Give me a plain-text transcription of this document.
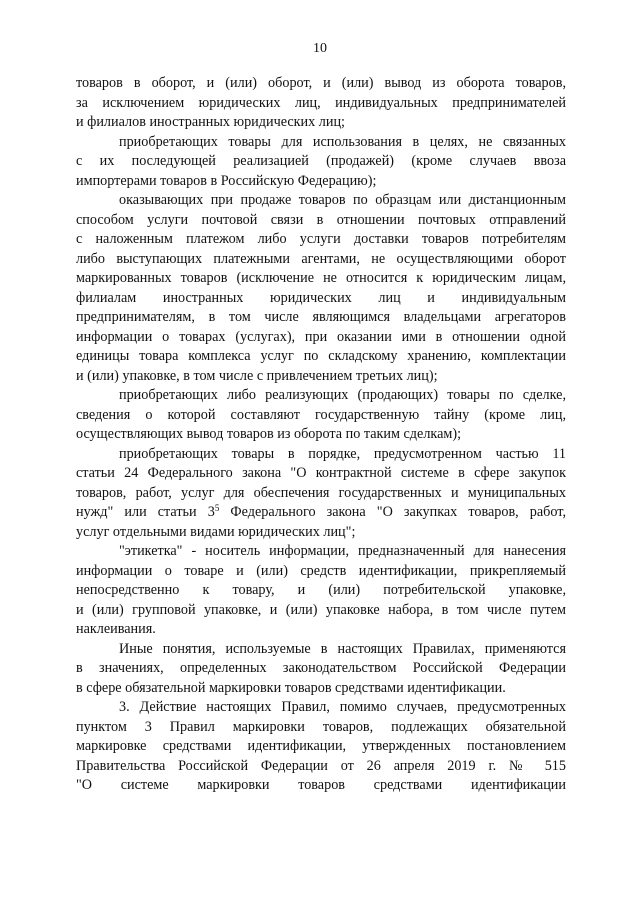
10
товаров в оборот, и (или) оборот, и (или) вывод из оборота товаров,
за исключением юридических лиц, индивидуальных предпринимателей
и филиалов иностранных юридических лиц;
приобретающих товары для использования в целях, не связанных
с их последующей реализацией (продажей) (кроме случаев ввоза
импортерами товаров в Российскую Федерацию);
оказывающих при продаже товаров по образцам или дистанционным
способом услуги почтовой связи в отношении почтовых отправлений
с наложенным платежом либо услуги доставки товаров потребителям
либо выступающих платежными агентами, не осуществляющими оборот
маркированных товаров (исключение не относится к юридическим лицам,
филиалам иностранных юридических лиц и индивидуальным
предпринимателям, в том числе являющимся владельцами агрегаторов
информации о товарах (услугах), при оказании ими в отношении одной
единицы товара комплекса услуг по складскому хранению, комплектации
и (или) упаковке, в том числе с привлечением третьих лиц);
приобретающих либо реализующих (продающих) товары по сделке,
сведения о которой составляют государственную тайну (кроме лиц,
осуществляющих вывод товаров из оборота по таким сделкам);
приобретающих товары в порядке, предусмотренном частью 11
статьи 24 Федерального закона "О контрактной системе в сфере закупок
товаров, работ, услуг для обеспечения государственных и муниципальных
нужд" или статьи $3^5$ Федерального закона "О закупках товаров, работ,
услуг отдельными видами юридических лиц";
"этикетка" - носитель информации, предназначенный для нанесения
информации о товаре и (или) средств идентификации, прикрепляемый
непосредственно к товару, и (или) потребительской упаковке,
и (или) групповой упаковке, и (или) упаковке набора, в том числе путем
наклеивания.
Иные понятия, используемые в настоящих Правилах, применяются
в значениях, определенных законодательством Российской Федерации
в сфере обязательной маркировки товаров средствами идентификации.
3. Действие настоящих Правил, помимо случаев, предусмотренных
пунктом 3 Правил маркировки товаров, подлежащих обязательной
маркировке средствами идентификации, утвержденных постановлением
Правительства Российской Федерации от 26 апреля 2019 г. № 515
"О системе маркировки товаров средствами идентификации
